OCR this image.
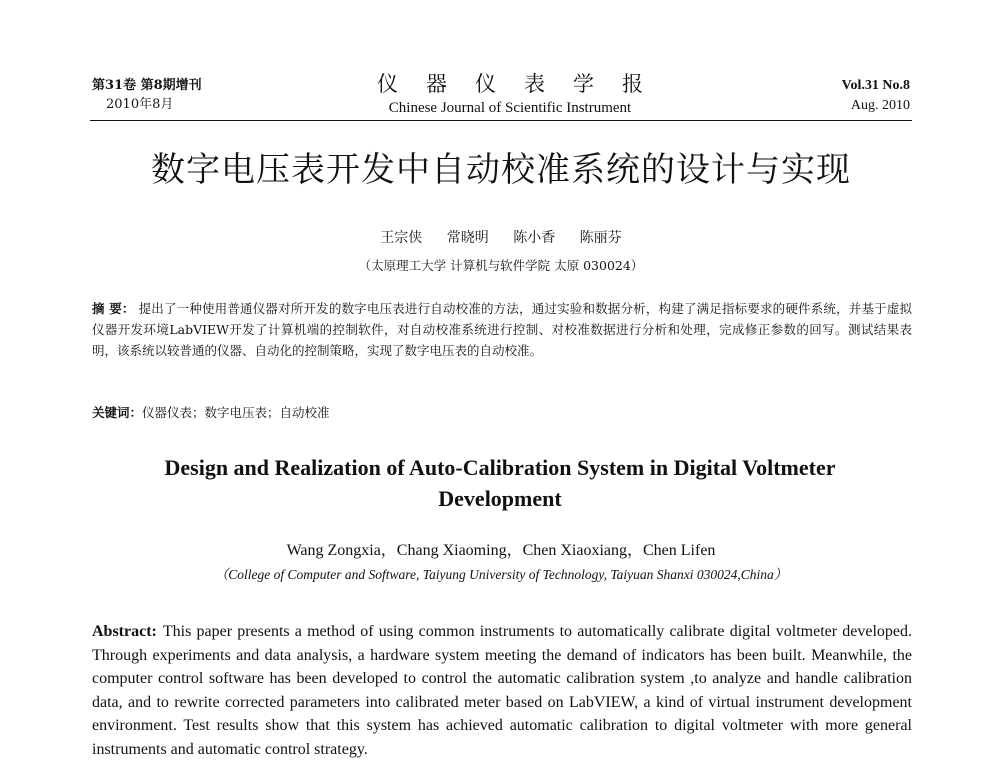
第31卷 第8期增刊
2010年8月
仪器仪表学报
Chinese Journal of Scientific Instrument
Vol.31 No.8
Aug. 2010
数字电压表开发中自动校准系统的设计与实现
王宗侠 常晓明 陈小香 陈丽芬
（太原理工大学 计算机与软件学院 太原 030024）
摘 要： 提出了一种使用普通仪器对所开发的数字电压表进行自动校准的方法，通过实验和数据分析，构建了满足指标要求的硬件系统，并基于虚拟仪器开发环境LabVIEW开发了计算机端的控制软件，对自动校准系统进行控制、对校准数据进行分析和处理，完成修正参数的回写。测试结果表明，该系统以较普通的仪器、自动化的控制策略，实现了数字电压表的自动校准。
关键词：仪器仪表；数字电压表；自动校准
Design and Realization of Auto-Calibration System in Digital Voltmeter Development
Wang Zongxia，Chang Xiaoming，Chen Xiaoxiang，Chen Lifen
（College of Computer and Software, Taiyung University of Technology, Taiyuan Shanxi 030024,China）
Abstract: This paper presents a method of using common instruments to automatically calibrate digital voltmeter developed. Through experiments and data analysis, a hardware system meeting the demand of indicators has been built. Meanwhile, the computer control software has been developed to control the automatic calibration system ,to analyze and handle calibration data, and to rewrite corrected parameters into calibrated meter based on LabVIEW, a kind of virtual instrument development environment. Test results show that this system has achieved automatic calibration to digital voltmeter with more general instruments and automatic control strategy.
